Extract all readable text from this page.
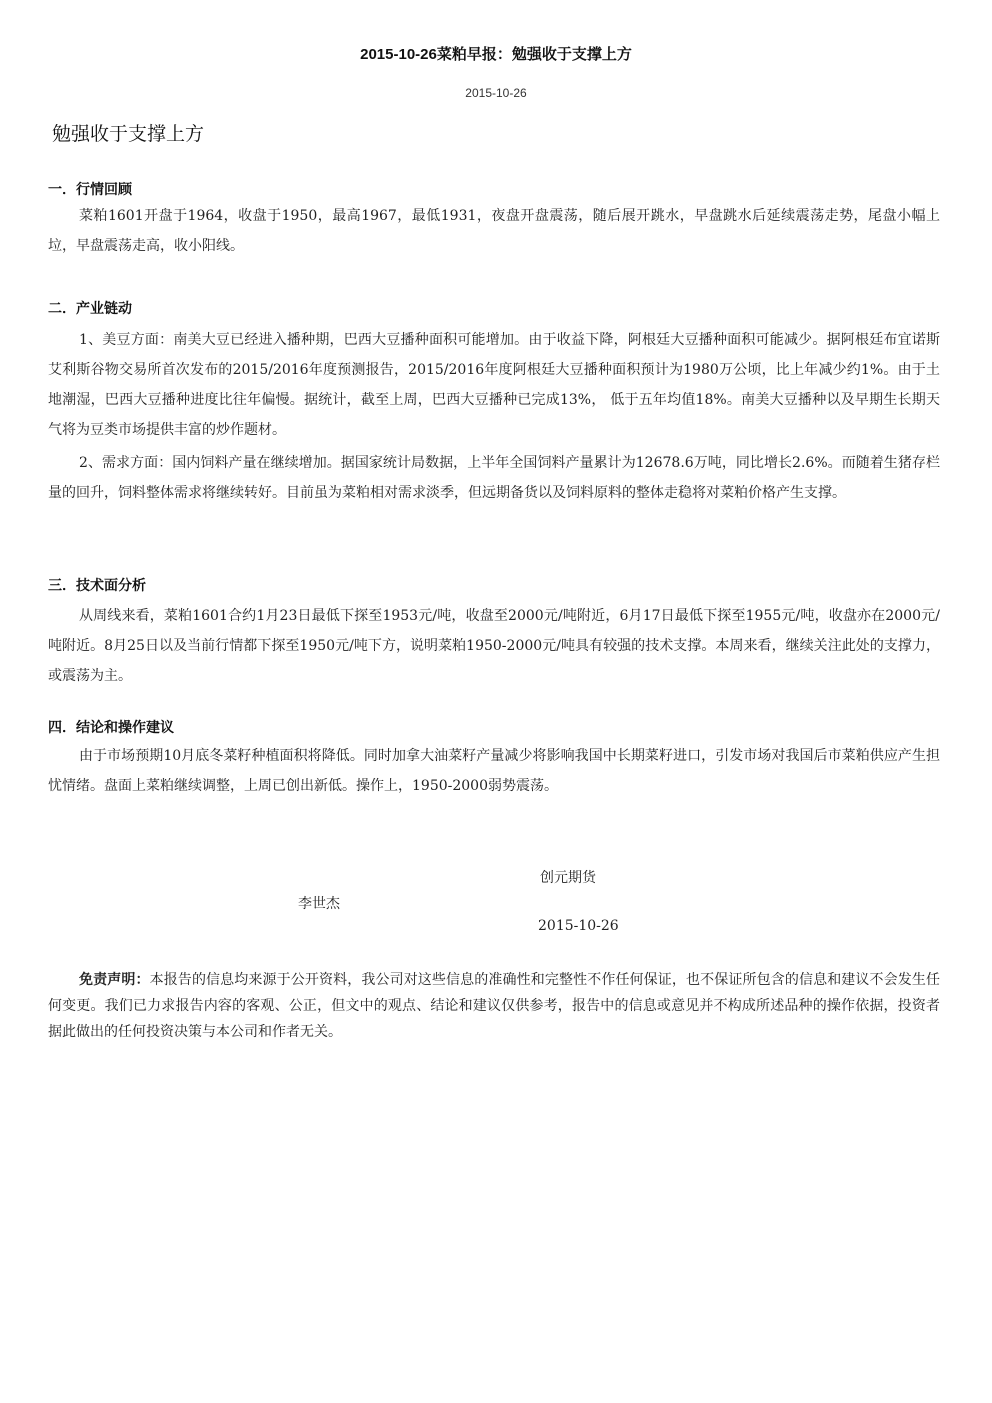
2015-10-26菜粕早报：勉强收于支撑上方
2015-10-26
勉强收于支撑上方
一．行情回顾

菜粕1601开盘于1964，收盘于1950，最高1967，最低1931，夜盘开盘震荡，随后展开跳水，早盘跳水后延续震荡走势，尾盘小幅上垃，早盘震荡走高，收小阳线。

二．产业链动

1、美豆方面：南美大豆已经进入播种期，巴西大豆播种面积可能增加。由于收益下降，阿根廷大豆播种面积可能减少。据阿根廷布宜诺斯艾利斯谷物交易所首次发布的2015/2016年度预测报告，2015/2016年度阿根廷大豆播种面积预计为1980万公顷，比上年减少约1%。由于土地潮湿，巴西大豆播种进度比往年偏慢。据统计，截至上周，巴西大豆播种已完成13%， 低于五年均值18%。南美大豆播种以及早期生长期天气将为豆类市场提供丰富的炒作题材。

2、需求方面：国内饲料产量在继续增加。据国家统计局数据，上半年全国饲料产量累计为12678.6万吨，同比增长2.6%。而随着生猪存栏量的回升，饲料整体需求将继续转好。目前虽为菜粕相对需求淡季，但远期备货以及饲料原料的整体走稳将对菜粕价格产生支撑。

三．技术面分析

从周线来看，菜粕1601合约1月23日最低下探至1953元/吨，收盘至2000元/吨附近，6月17日最低下探至1955元/吨，收盘亦在2000元/吨附近。8月25日以及当前行情都下探至1950元/吨下方，说明菜粕1950-2000元/吨具有较强的技术支撑。本周来看，继续关注此处的支撑力，或震荡为主。

四．结论和操作建议

由于市场预期10月底冬菜籽种植面积将降低。同时加拿大油菜籽产量减少将影响我国中长期菜籽进口，引发市场对我国后市菜粕供应产生担忧情绪。盘面上菜粕继续调整，上周已创出新低。操作上，1950-2000弱势震荡。

创元期货
李世杰
2015-10-26

免责声明：本报告的信息均来源于公开资料，我公司对这些信息的准确性和完整性不作任何保证，也不保证所包含的信息和建议不会发生任何变更。我们已力求报告内容的客观、公正，但文中的观点、结论和建议仅供参考，报告中的信息或意见并不构成所述品种的操作依据，投资者据此做出的任何投资决策与本公司和作者无关。
